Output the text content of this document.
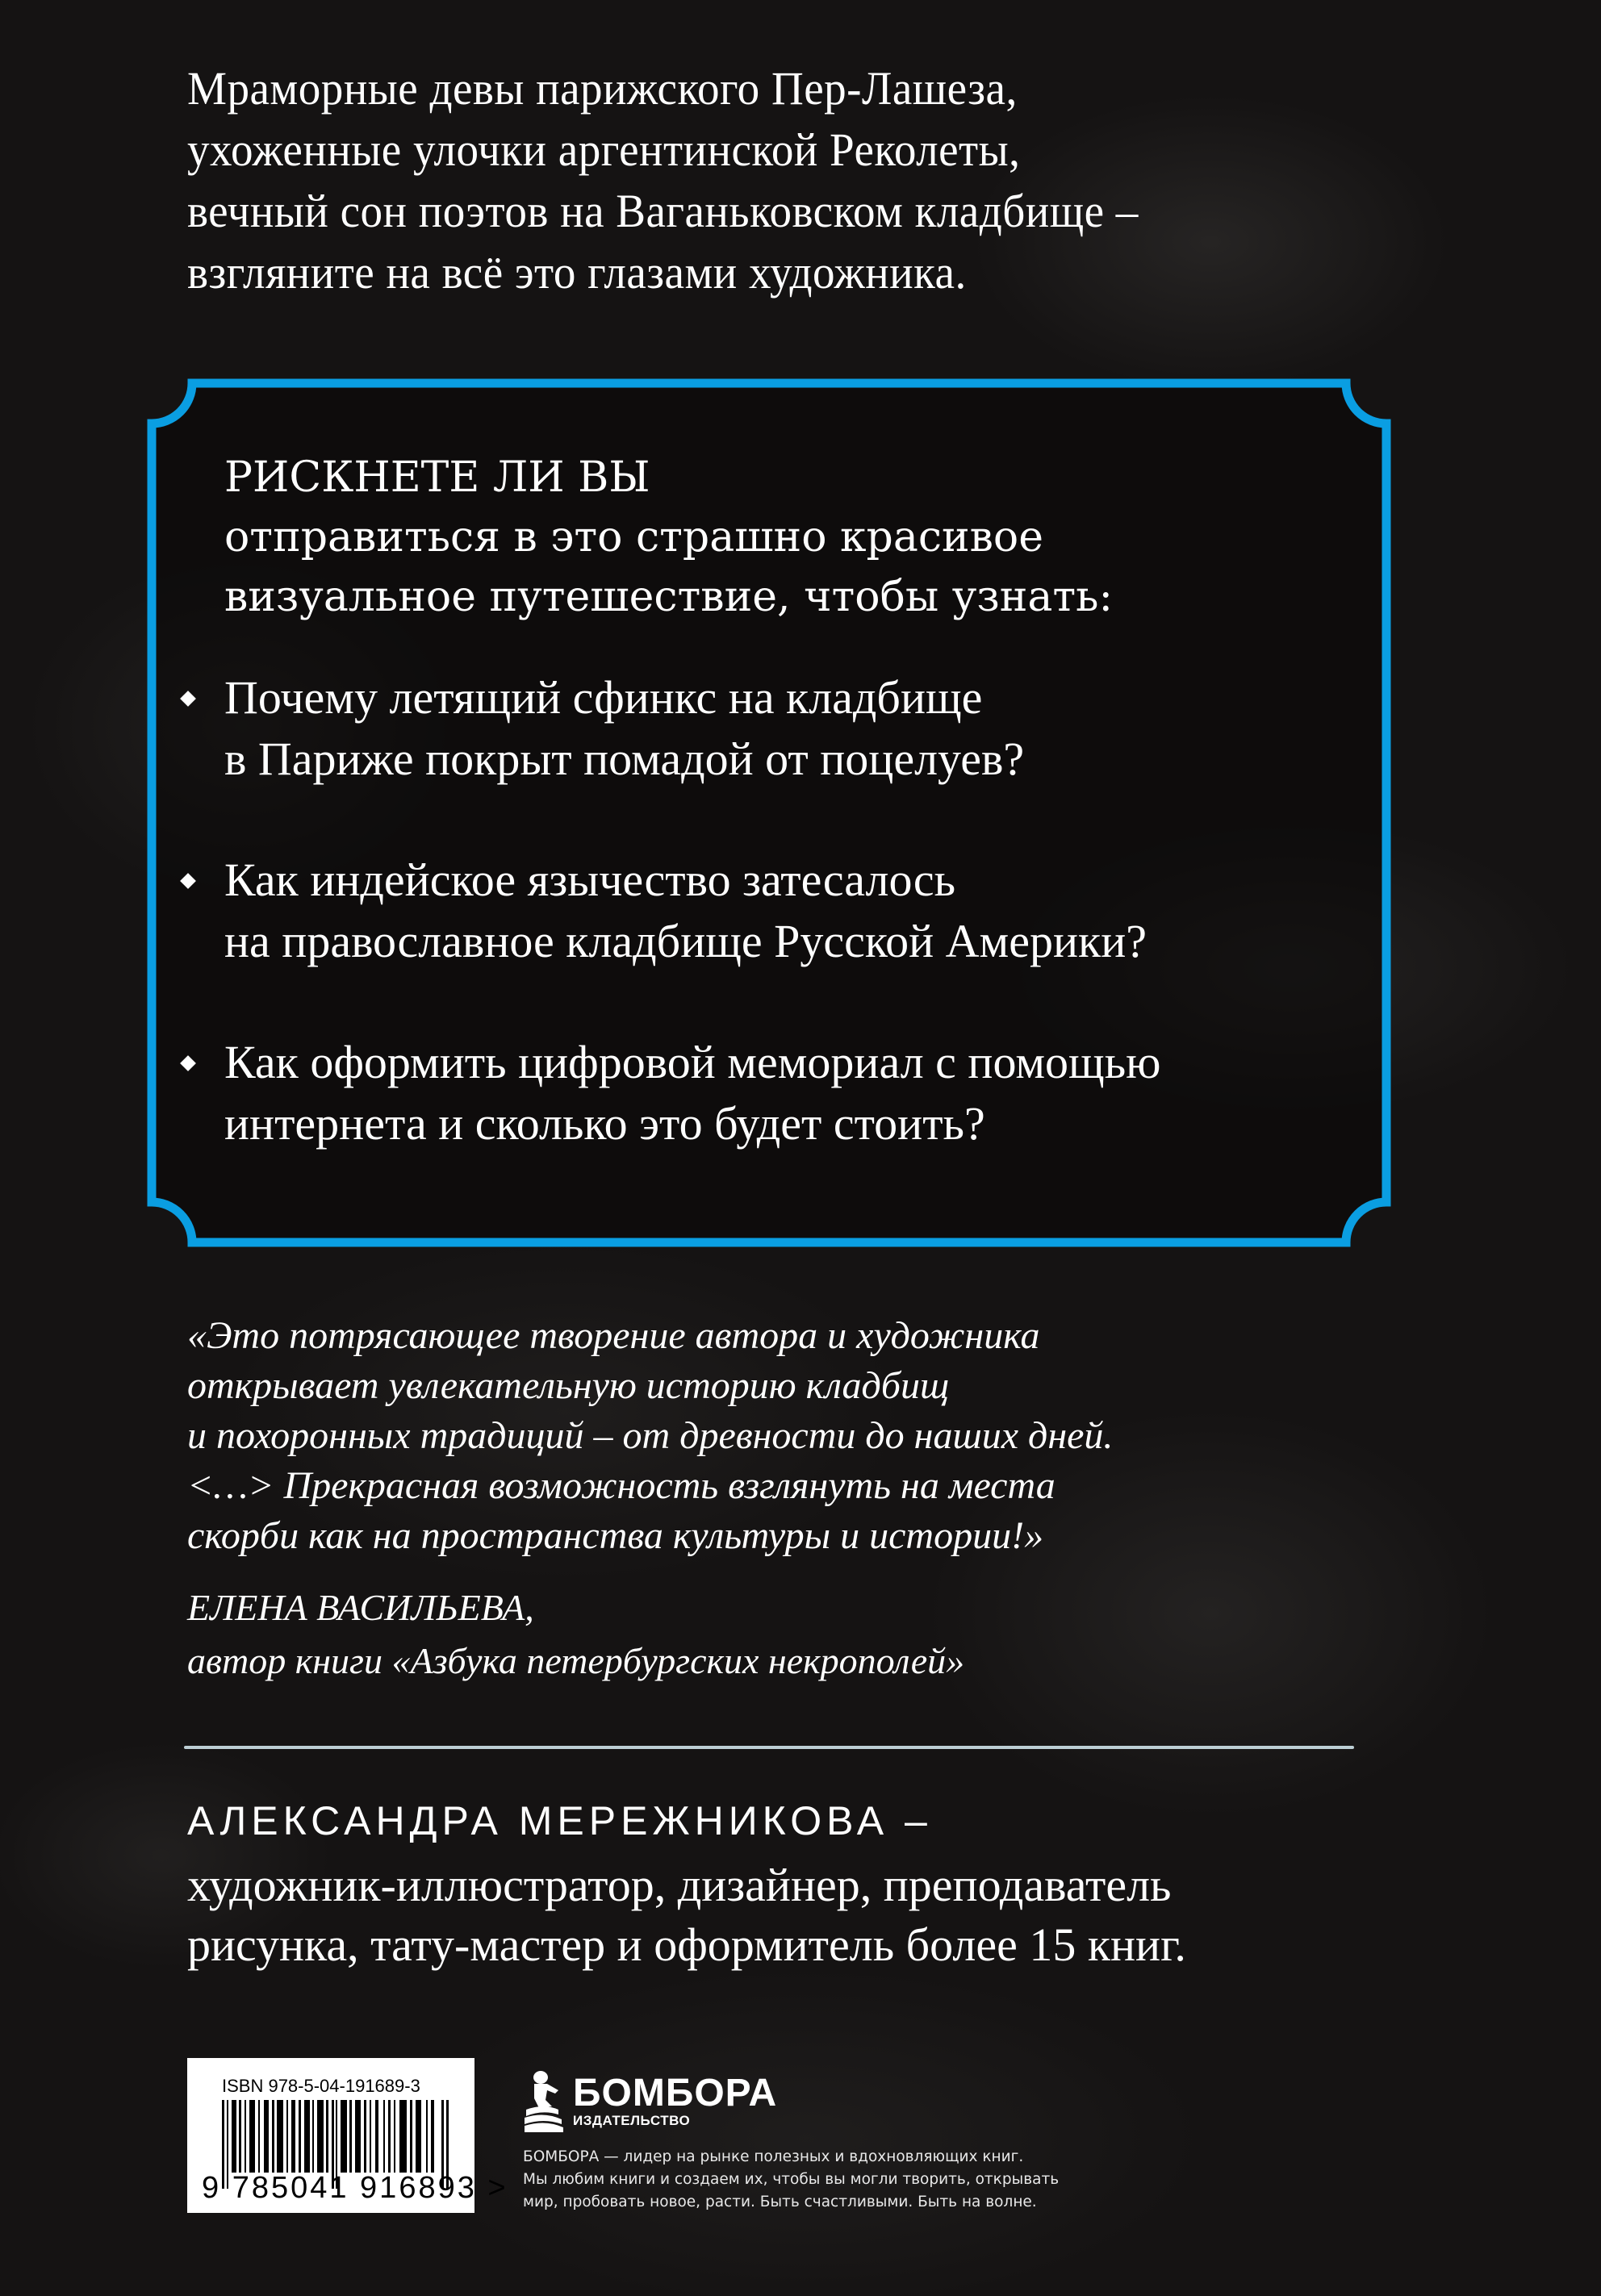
Мраморные девы парижского Пер-Лашеза,
ухоженные улочки аргентинской Реколеты,
вечный сон поэтов на Ваганьковском кладбище –
взгляните на всё это глазами художника.
РИСКНЕТЕ ЛИ ВЫ
отправиться в это страшно красивое
визуальное путешествие, чтобы узнать:
Почему летящий сфинкс на кладбище
в Париже покрыт помадой от поцелуев?
Как индейское язычество затесалось
на православное кладбище Русской Америки?
Как оформить цифровой мемориал с помощью
интернета и сколько это будет стоить?
«Это потрясающее творение автора и художника
открывает увлекательную историю кладбищ
и похоронных традиций – от древности до наших дней.
<…> Прекрасная возможность взглянуть на места
скорби как на пространства культуры и истории!»
ЕЛЕНА ВАСИЛЬЕВА,
автор книги «Азбука петербургских некрополей»
АЛЕКСАНДРА МЕРЕЖНИКОВА –
художник-иллюстратор, дизайнер, преподаватель
рисунка, тату-мастер и оформитель более 15 книг.
ISBN 978-5-04-191689-3
9 785041 916893 >
БОМБОРА
ИЗДАТЕЛЬСТВО
БОМБОРА — лидер на рынке полезных и вдохновляющих книг.
Мы любим книги и создаем их, чтобы вы могли творить, открывать
мир, пробовать новое, расти. Быть счастливыми. Быть на волне.
